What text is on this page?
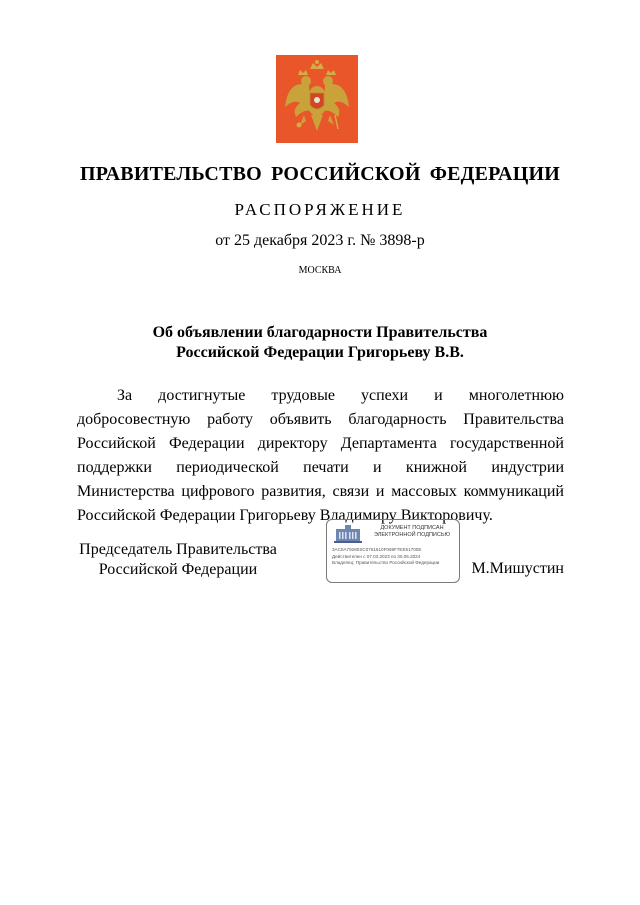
ПРАВИТЕЛЬСТВО РОССИЙСКОЙ ФЕДЕРАЦИИ
РАСПОРЯЖЕНИЕ
от 25 декабря 2023 г. № 3898-р
МОСКВА
Об объявлении благодарности Правительства
Российской Федерации Григорьеву В.В.
За достигнутые трудовые успехи и многолетнюю добросовестную работу объявить благодарность Правительства Российской Федерации директору Департамента государственной поддержки периодической печати и книжной индустрии Министерства цифрового развития, связи и массовых коммуникаций Российской Федерации Григорьеву Владимиру Викторовичу.
Председатель Правительства
Российской Федерации
ДОКУМЕНТ ПОДПИСАН
ЭЛЕКТРОННОЙ ПОДПИСЬЮ
3AC0A79280SC0761610F069F7EE51700E
Действителен с 07.03.2023 по 30.05.2024
Владелец: Правительство Российской Федерации М.Мишустин
